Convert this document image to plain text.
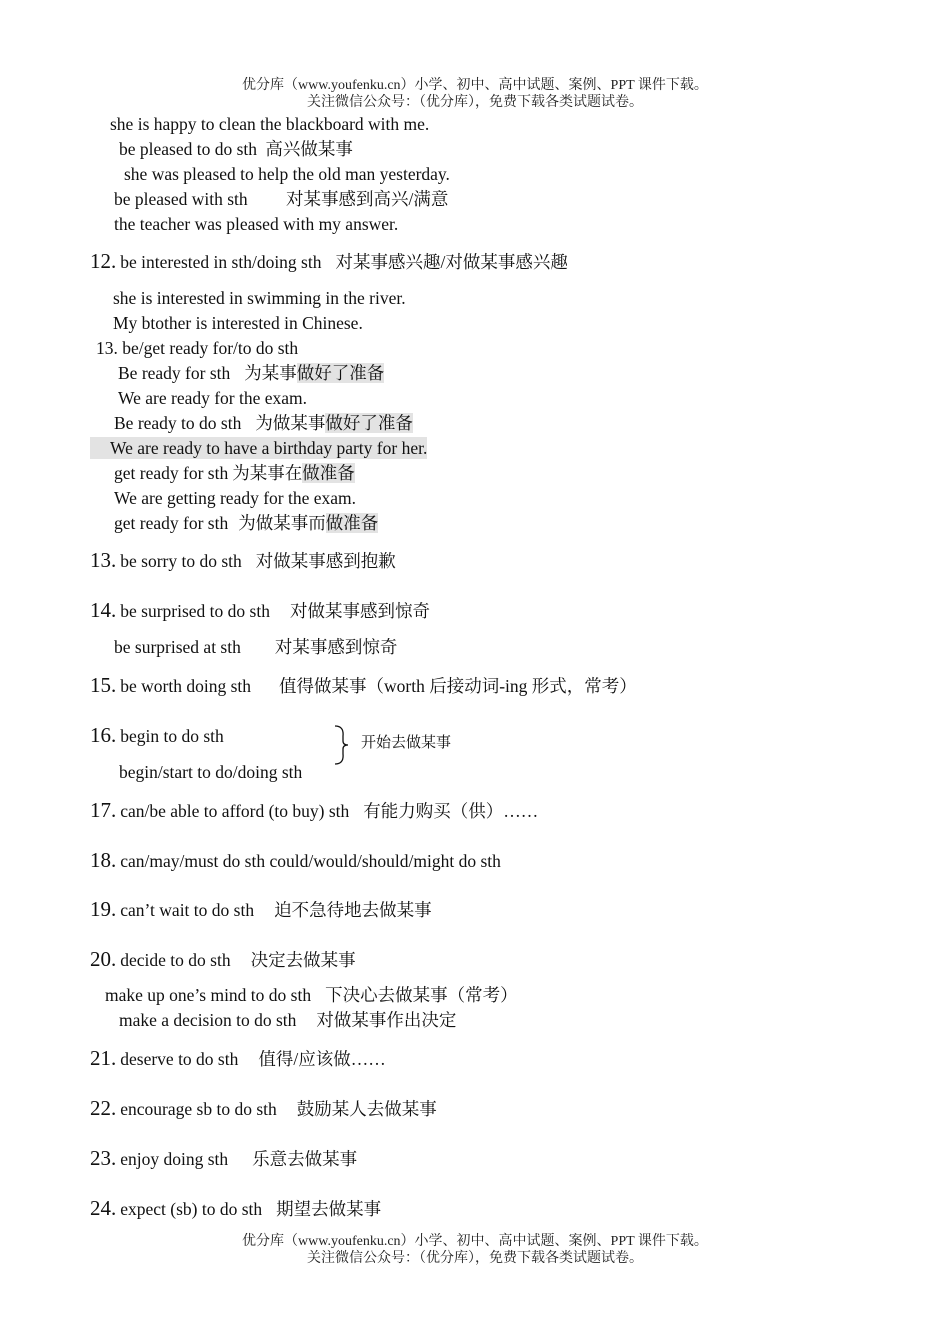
优分库（www.youfenku.cn）小学、初中、高中试题、案例、PPT 课件下载。
关注微信公众号：（优分库），免费下载各类试题试卷。
she is happy to clean the blackboard with me.
be pleased to do sth 高兴做某事
she was pleased to help the old man yesterday.
be pleased with sth 对某事感到高兴/满意
the teacher was pleased with my answer.
12. be interested in sth/doing sth 对某事感兴趣/对做某事感兴趣
she is interested in swimming in the river.
My btother is interested in Chinese.
13. be/get ready for/to do sth
Be ready for sth 为某事做好了准备
We are ready for the exam.
Be ready to do sth 为做某事做好了准备
We are ready to have a birthday party for her.
get ready for sth 为某事在做准备
We are getting ready for the exam.
get ready for sth 为做某事而做准备
13. be sorry to do sth 对做某事感到抱歉
14. be surprised to do sth 对做某事感到惊奇
be surprised at sth 对某事感到惊奇
15. be worth doing sth 值得做某事（worth 后接动词-ing 形式，常考）
16. begin to do sth	开始去做某事
begin/start to do/doing sth
17. can/be able to afford (to buy) sth 有能力购买（供）……
18. can/may/must do sth could/would/should/might do sth
19. can’t wait to do sth 迫不急待地去做某事
20. decide to do sth 决定去做某事
make up one’s mind to do sth 下决心去做某事（常考）
make a decision to do sth 对做某事作出决定
21. deserve to do sth 值得/应该做……
22. encourage sb to do sth 鼓励某人去做某事
23. enjoy doing sth 乐意去做某事
24. expect (sb) to do sth 期望去做某事
优分库（www.youfenku.cn）小学、初中、高中试题、案例、PPT 课件下载。
关注微信公众号：（优分库），免费下载各类试题试卷。
